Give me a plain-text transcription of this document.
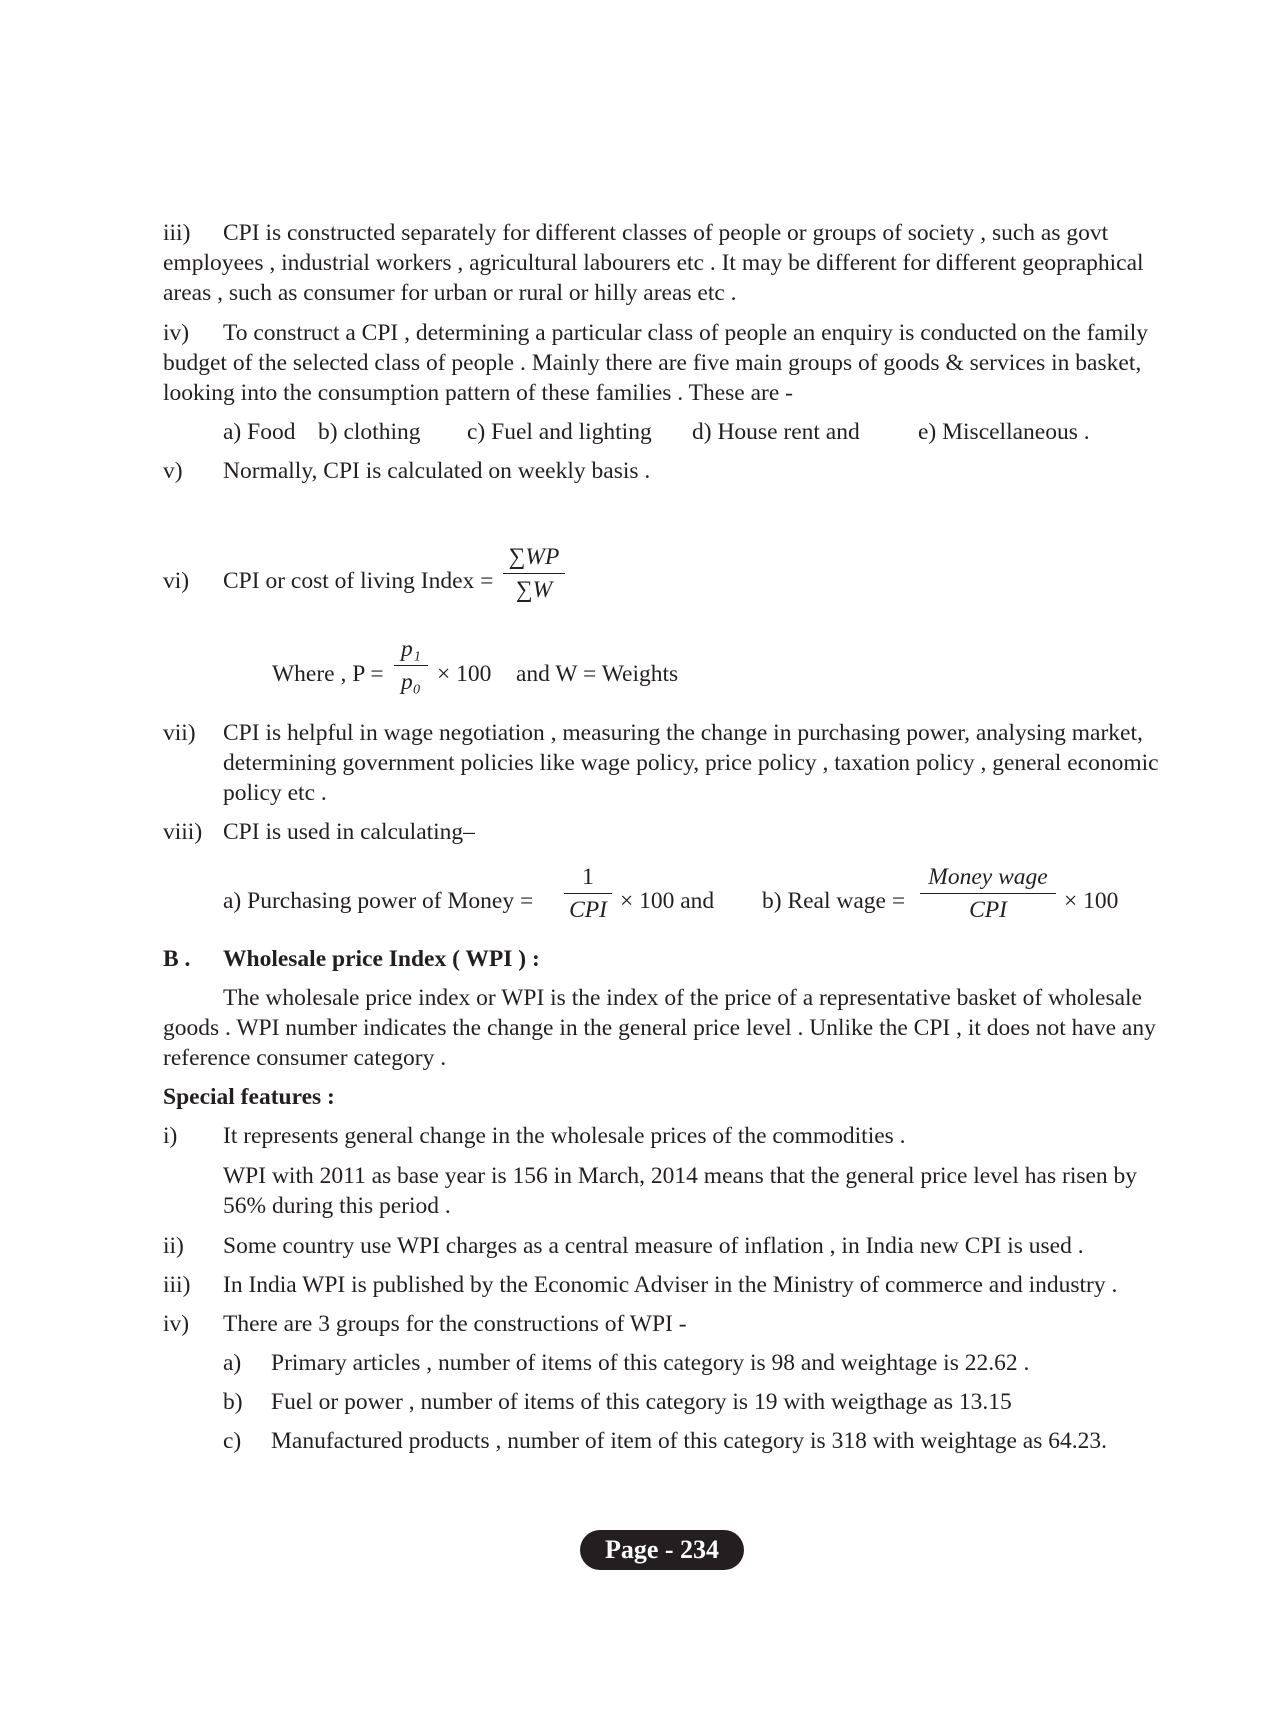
iii) CPI is constructed separately for different classes of people or groups of society , such as govt employees , industrial workers , agricultural labourers etc . It may be different for different geopraphical areas , such as consumer for urban or rural or hilly areas etc .

iv) To construct a CPI , determining a particular class of people an enquiry is conducted on the family budget of the selected class of people . Mainly there are five main groups of goods & services in basket, looking into the consumption pattern of these families . These are -

a) Food b) clothing c) Fuel and lighting d) House rent and e) Miscellaneous .
v) Normally, CPI is calculated on weekly basis .
vi) CPI or cost of living Index =
∑WP
∑W
Where , P =
p₁
p₀ × 100 and W = Weights
vii) CPI is helpful in wage negotiation , measuring the change in purchasing power, analysing market, determining government policies like wage policy, price policy , taxation policy , general economic policy etc .

viii) CPI is used in calculating–
a) Purchasing power of Money =
1
CPI × 100 and b) Real wage =
Money wage
CPI	× 100
B . Wholesale price Index ( WPI ) :

The wholesale price index or WPI is the index of the price of a representative basket of wholesale goods . WPI number indicates the change in the general price level . Unlike the CPI , it does not have any reference consumer category .

Special features :
i) It represents general change in the wholesale prices of the commodities .

WPI with 2011 as base year is 156 in March, 2014 means that the general price level has risen by 56% during this period .

ii) Some country use WPI charges as a central measure of inflation , in India new CPI is used .
iii) In India WPI is published by the Economic Adviser in the Ministry of commerce and industry .
iv) There are 3 groups for the constructions of WPI -
a) Primary articles , number of items of this category is 98 and weightage is 22.62 .
b) Fuel or power , number of items of this category is 19 with weigthage as 13.15
c) Manufactured products , number of item of this category is 318 with weightage as 64.23.
Page - 234
